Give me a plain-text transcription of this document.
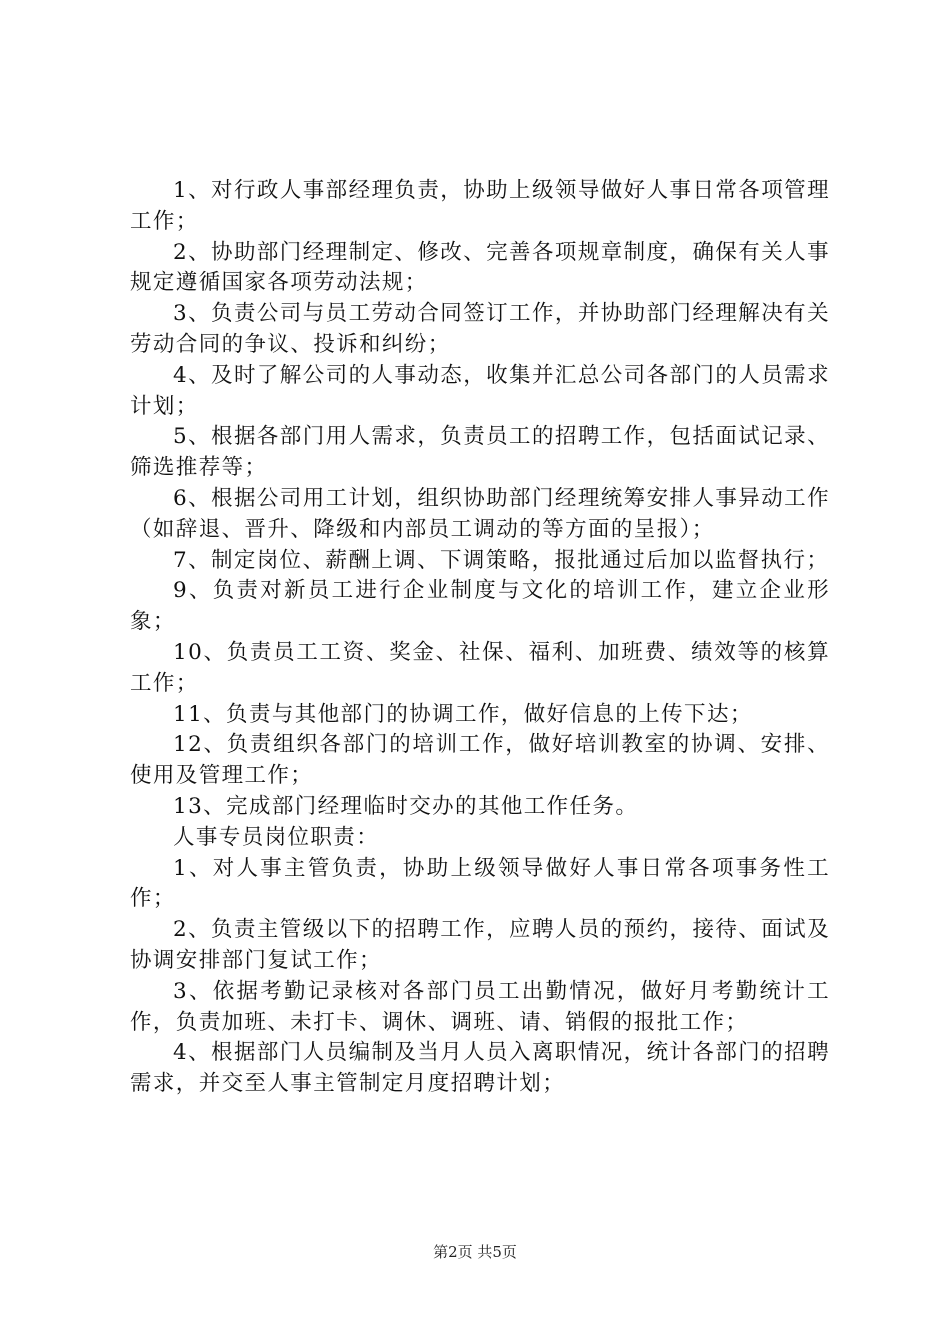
1、对行政人事部经理负责，协助上级领导做好人事日常各项管理工作；

2、协助部门经理制定、修改、完善各项规章制度，确保有关人事规定遵循国家各项劳动法规；

3、负责公司与员工劳动合同签订工作，并协助部门经理解决有关劳动合同的争议、投诉和纠纷；

4、及时了解公司的人事动态，收集并汇总公司各部门的人员需求计划；

5、根据各部门用人需求，负责员工的招聘工作，包括面试记录、筛选推荐等；

6、根据公司用工计划，组织协助部门经理统筹安排人事异动工作（如辞退、晋升、降级和内部员工调动的等方面的呈报）；

7、制定岗位、薪酬上调、下调策略，报批通过后加以监督执行；

9、负责对新员工进行企业制度与文化的培训工作，建立企业形象；

10、负责员工工资、奖金、社保、福利、加班费、绩效等的核算工作；

11、负责与其他部门的协调工作，做好信息的上传下达；

12、负责组织各部门的培训工作，做好培训教室的协调、安排、使用及管理工作；

13、完成部门经理临时交办的其他工作任务。

人事专员岗位职责：

1、对人事主管负责，协助上级领导做好人事日常各项事务性工作；

2、负责主管级以下的招聘工作，应聘人员的预约，接待、面试及协调安排部门复试工作；

3、依据考勤记录核对各部门员工出勤情况，做好月考勤统计工作，负责加班、未打卡、调休、调班、请、销假的报批工作；

4、根据部门人员编制及当月人员入离职情况，统计各部门的招聘需求，并交至人事主管制定月度招聘计划；

第2页 共5页
